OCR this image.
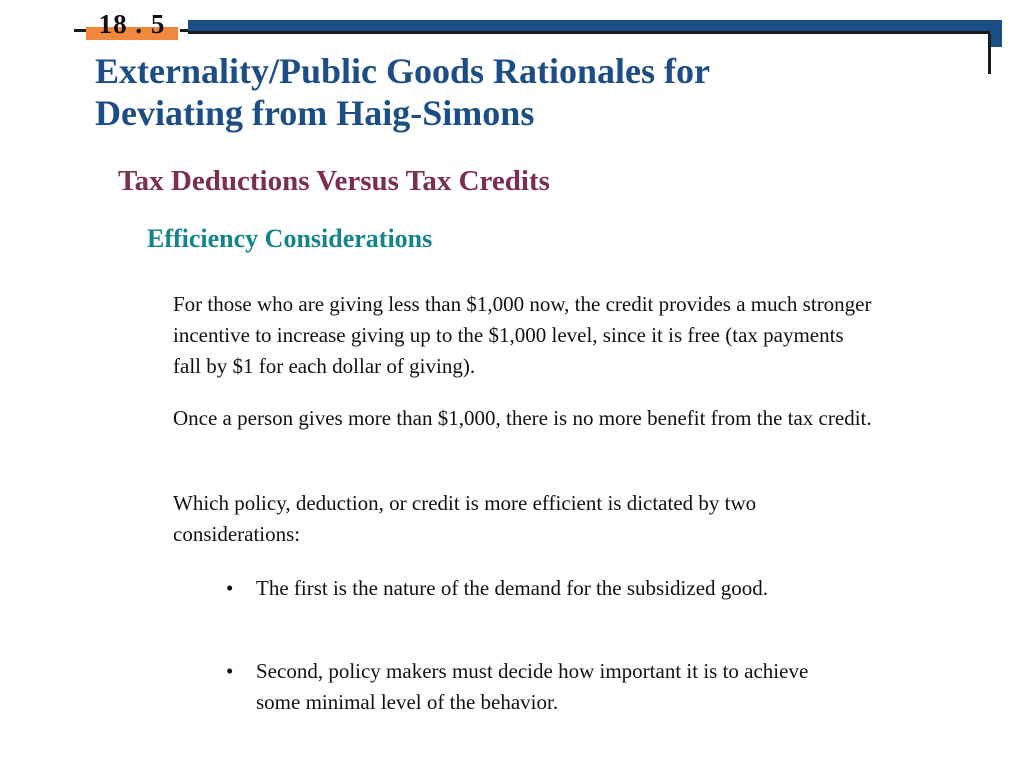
18 . 5
Externality/Public Goods Rationales for
Deviating from Haig-Simons
Tax Deductions Versus Tax Credits
Efficiency Considerations

For those who are giving less than $1,000 now, the credit provides a much stronger incentive to increase giving up to the $1,000 level, since it is free (tax payments fall by $1 for each dollar of giving).

Once a person gives more than $1,000, there is no more benefit from the tax credit.

Which policy, deduction, or credit is more efficient is dictated by two considerations:

• The first is the nature of the demand for the subsidized good.
• Second, policy makers must decide how important it is to achieve some minimal level of the behavior.
